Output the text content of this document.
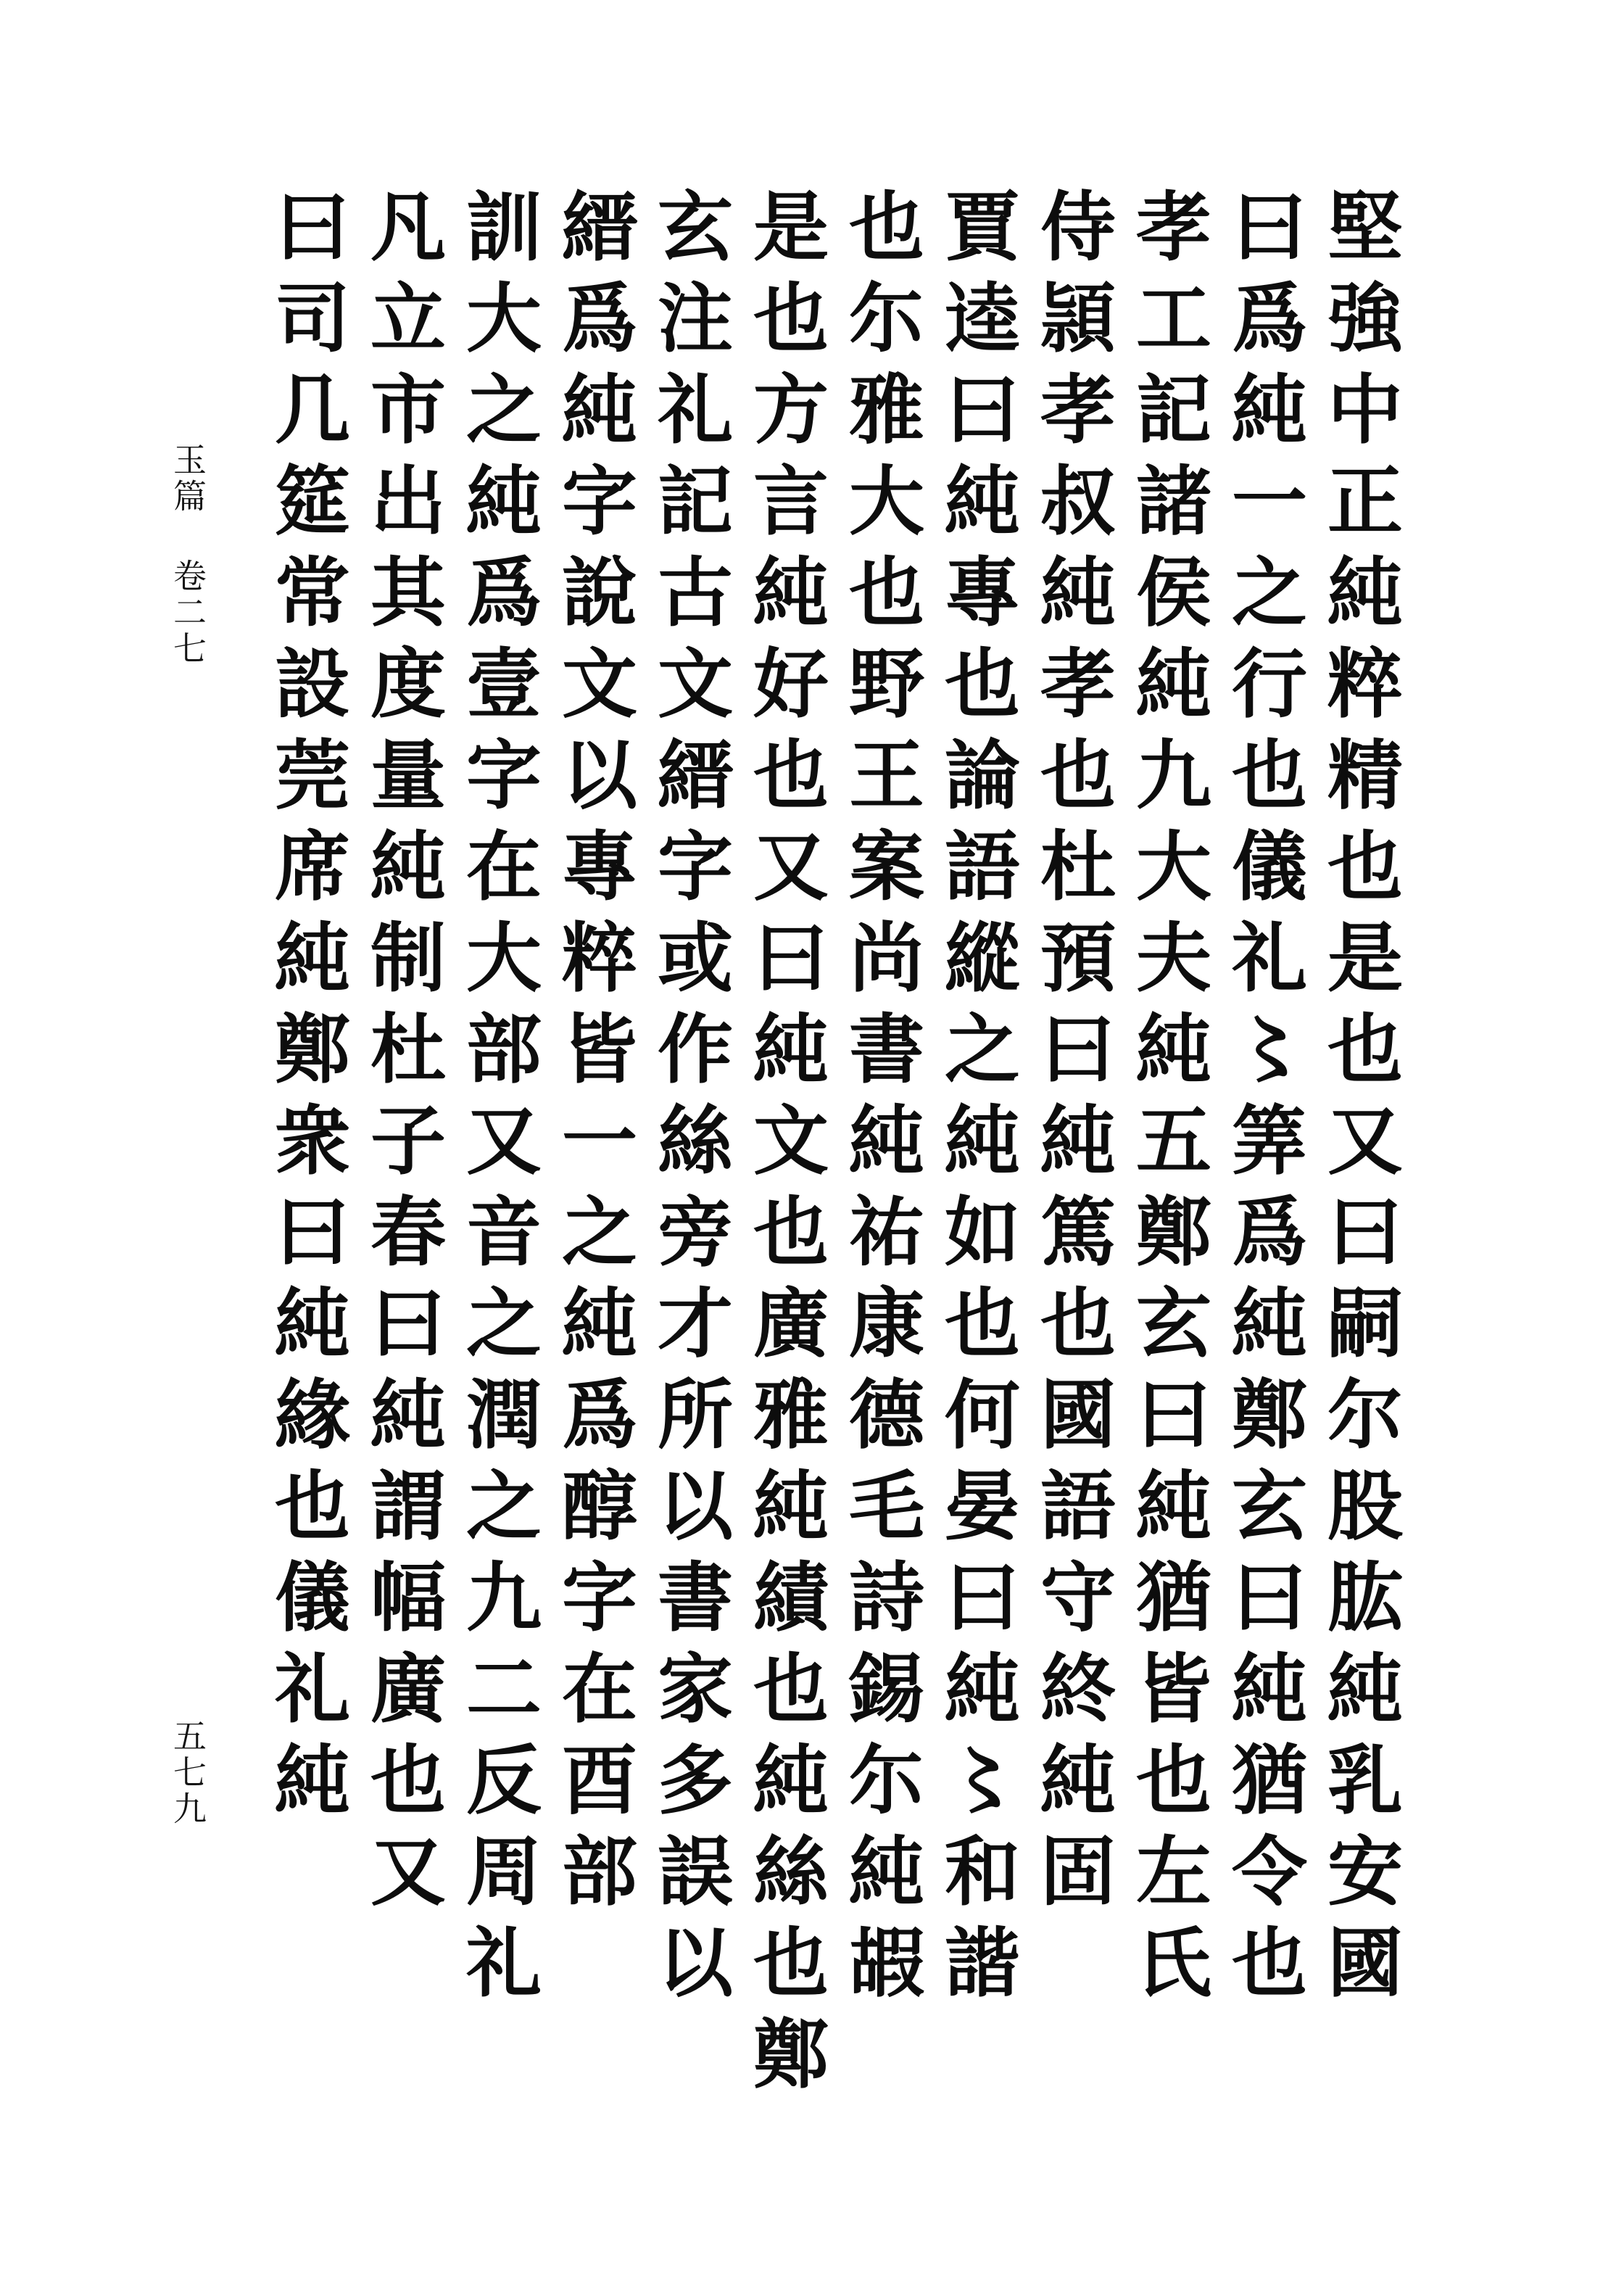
玉篇
卷二七
五七九	堅強中正純粹精也是也又曰嗣尔股肱純乳安國
曰爲純一之行也儀礼〻筭爲純鄭玄曰純猶令也
孝工記諸侯純九大夫純五鄭玄曰純猶皆也左氏
侍頴孝叔純孝也杜預曰純篤也國語守終純固
賈逵曰純專也論語縱之純如也何晏曰純〻和諧
也尓雅大也野王案尚書純祐康德毛詩錫尓純嘏
是也方言純好也又曰純文也廣雅純績也純絲也鄭
玄注礼記古文縉字或作絲旁才所以書家多誤以
縉爲純字說文以專粹皆一之純爲醇字在酉部
訓大之純爲壹字在大部又音之潤之九二反周礼
凡立市出其度量純制杜子春曰純謂幅廣也又
曰司几筵常設莞席純鄭衆曰純緣也儀礼純
